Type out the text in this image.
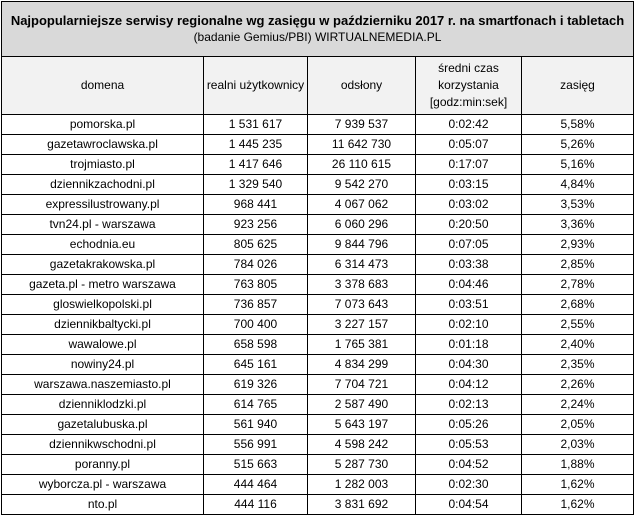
Najpopularniejsze serwisy regionalne wg zasięgu w październiku 2017 r. na smartfonach i tabletach
(badanie Gemius/PBI) WIRTUALNEMEDIA.PL				

domena	realni użytkownicy	odsłony	średni czas korzystania [godz:min:sek]	zasięg
pomorska.pl	1 531 617	7 939 537	0:02:42	5,58%
gazetawroclawska.pl	1 445 235	11 642 730	0:05:07	5,26%
trojmiasto.pl	1 417 646	26 110 615	0:17:07	5,16%
dziennikzachodni.pl	1 329 540	9 542 270	0:03:15	4,84%
expressilustrowany.pl	968 441	4 067 062	0:03:02	3,53%
tvn24.pl - warszawa	923 256	6 060 296	0:20:50	3,36%
echodnia.eu	805 625	9 844 796	0:07:05	2,93%
gazetakrakowska.pl	784 026	6 314 473	0:03:38	2,85%
gazeta.pl - metro warszawa	763 805	3 378 683	0:04:46	2,78%
gloswielkopolski.pl	736 857	7 073 643	0:03:51	2,68%
dziennikbaltycki.pl	700 400	3 227 157	0:02:10	2,55%
wawalowe.pl	658 598	1 765 381	0:01:18	2,40%
nowiny24.pl	645 161	4 834 299	0:04:30	2,35%
warszawa.naszemiasto.pl	619 326	7 704 721	0:04:12	2,26%
dzienniklodzki.pl	614 765	2 587 490	0:02:13	2,24%
gazetalubuska.pl	561 940	5 643 197	0:05:26	2,05%
dziennikwschodni.pl	556 991	4 598 242	0:05:53	2,03%
poranny.pl	515 663	5 287 730	0:04:52	1,88%
wyborcza.pl - warszawa	444 464	1 282 003	0:02:30	1,62%
nto.pl	444 116	3 831 692	0:04:54	1,62%
